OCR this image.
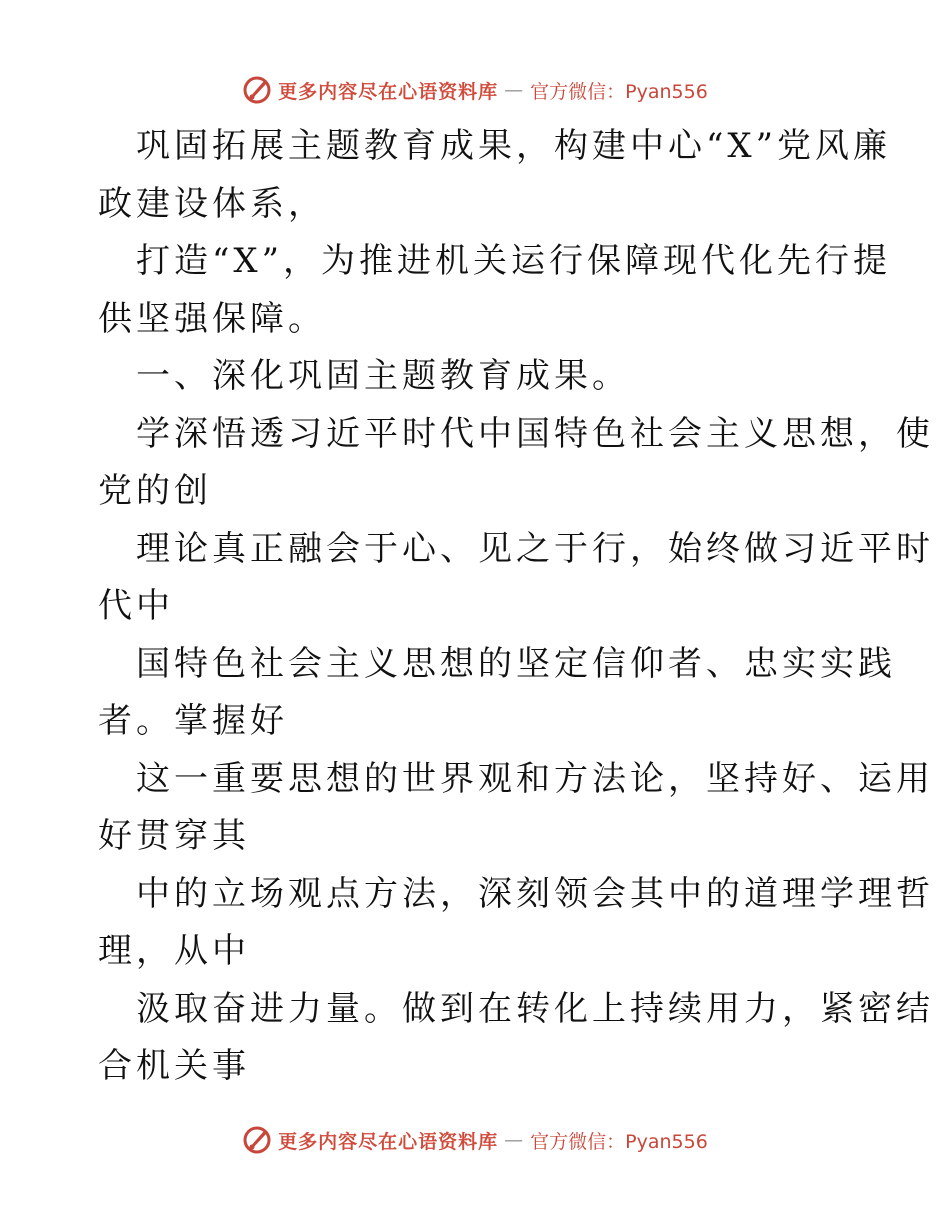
更多内容尽在心语资料库 — 官方微信：Pyan556
巩固拓展主题教育成果，构建中心“X”党风廉
政建设体系，
打造“X”，为推进机关运行保障现代化先行提
供坚强保障。
一、深化巩固主题教育成果。
学深悟透习近平时代中国特色社会主义思想，使
党的创
理论真正融会于心、见之于行，始终做习近平时
代中
国特色社会主义思想的坚定信仰者、忠实实践
者。掌握好
这一重要思想的世界观和方法论，坚持好、运用
好贯穿其
中的立场观点方法，深刻领会其中的道理学理哲
理，从中
汲取奋进力量。做到在转化上持续用力，紧密结
合机关事
更多内容尽在心语资料库 — 官方微信：Pyan556
